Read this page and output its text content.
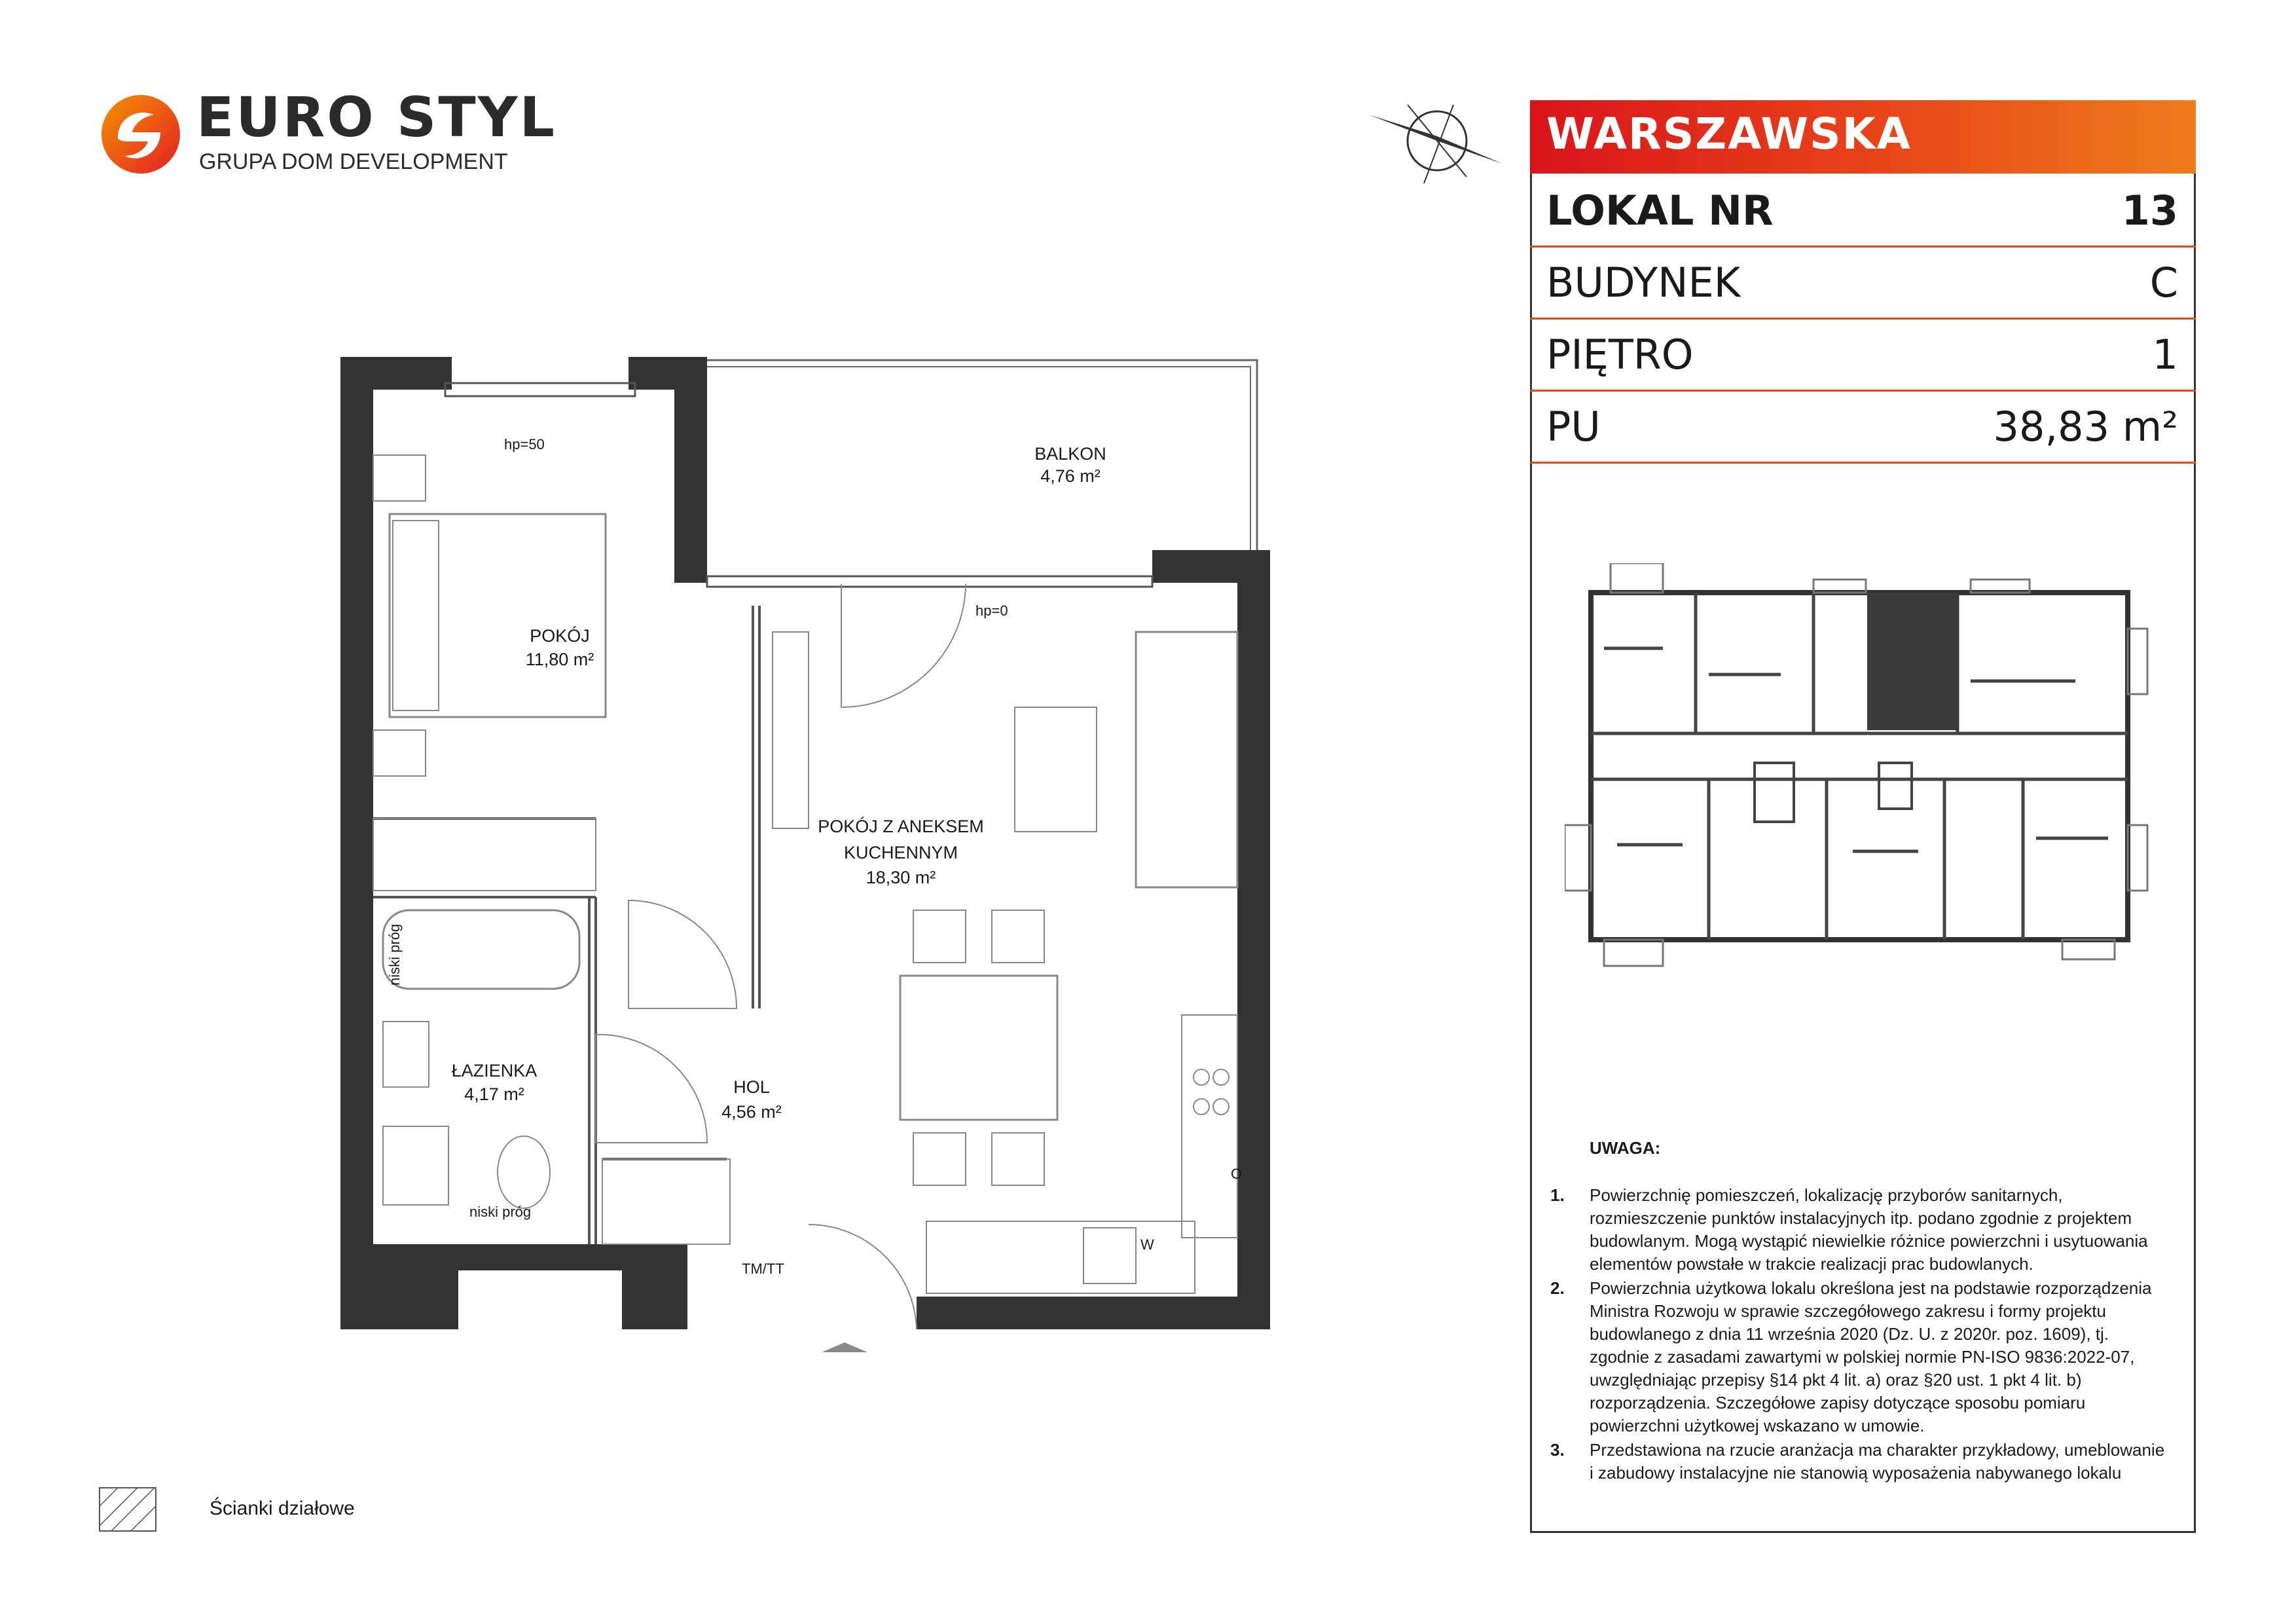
EURO STYL
GRUPA DOM DEVELOPMENT
WARSZAWSKA
LOKAL NR	13
BUDYNEK	C
PIĘTRO	1
PU	38,83 m²
UWAGA:
1. Powierzchnię pomieszczeń, lokalizację przyborów sanitarnych, rozmieszczenie punktów instalacyjnych itp. podano zgodnie z projektem budowlanym. Mogą wystąpić niewielkie różnice powierzchni i usytuowania elementów powstałe w trakcie realizacji prac budowlanych.
2. Powierzchnia użytkowa lokalu określona jest na podstawie rozporządzenia Ministra Rozwoju w sprawie szczegółowego zakresu i formy projektu budowlanego z dnia 11 września 2020 (Dz. U. z 2020r. poz. 1609), tj. zgodnie z zasadami zawartymi w polskiej normie PN-ISO 9836:2022-07, uwzględniając przepisy §14 pkt 4 lit. a) oraz §20 ust. 1 pkt 4 lit. b) rozporządzenia. Szczegółowe zapisy dotyczące sposobu pomiaru powierzchni użytkowej wskazano w umowie.
3. Przedstawiona na rzucie aranżacja ma charakter przykładowy, umeblowanie i zabudowy instalacyjne nie stanowią wyposażenia nabywanego lokalu
Ścianki działowe
BALKON
4,76 m²
POKÓJ
11,80 m²
POKÓJ Z ANEKSEM
KUCHENNYM
18,30 m²
ŁAZIENKA
4,17 m²	HOL
4,56 m²
hp=50
hp=0
niski próg
niski próg
TM/TT
W
O
